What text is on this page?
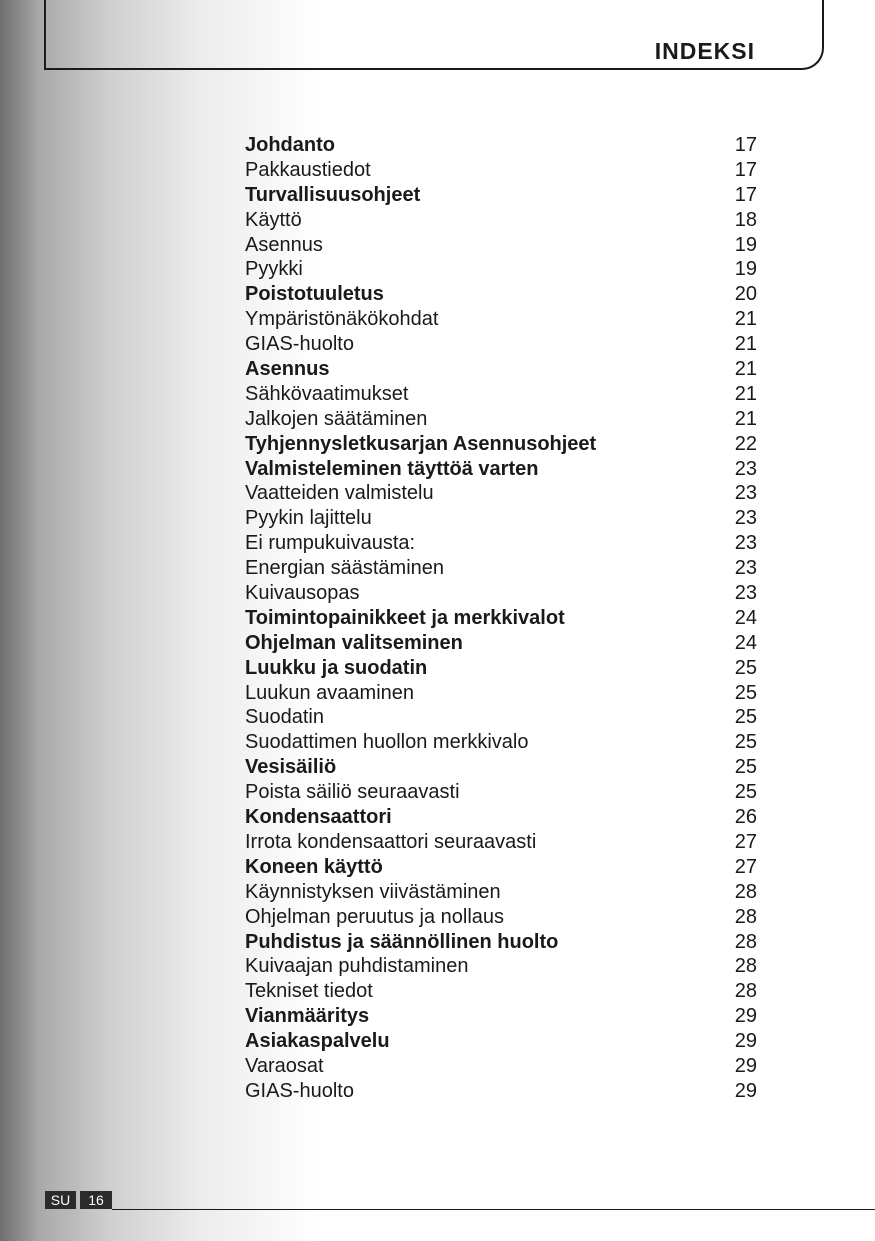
INDEKSI
Johdanto	17
Pakkaustiedot	17
Turvallisuusohjeet	17
Käyttö	18
Asennus	19
Pyykki	19
Poistotuuletus	20
Ympäristönäkökohdat	21
GIAS-huolto	21
Asennus	21
Sähkövaatimukset	21
Jalkojen säätäminen	21
Tyhjennysletkusarjan Asennusohjeet	22
Valmisteleminen täyttöä varten	23
Vaatteiden valmistelu	23
Pyykin lajittelu	23
Ei rumpukuivausta:	23
Energian säästäminen	23
Kuivausopas	23
Toimintopainikkeet ja merkkivalot	24
Ohjelman valitseminen	24
Luukku ja suodatin	25
Luukun avaaminen	25
Suodatin	25
Suodattimen huollon merkkivalo	25
Vesisäiliö	25
Poista säiliö seuraavasti	25
Kondensaattori	26
Irrota kondensaattori seuraavasti	27
Koneen käyttö	27
Käynnistyksen viivästäminen	28
Ohjelman peruutus ja nollaus	28
Puhdistus ja säännöllinen huolto	28
Kuivaajan puhdistaminen	28
Tekniset tiedot	28
Vianmääritys	29
Asiakaspalvelu	29
Varaosat	29
GIAS-huolto	29
SU	16
